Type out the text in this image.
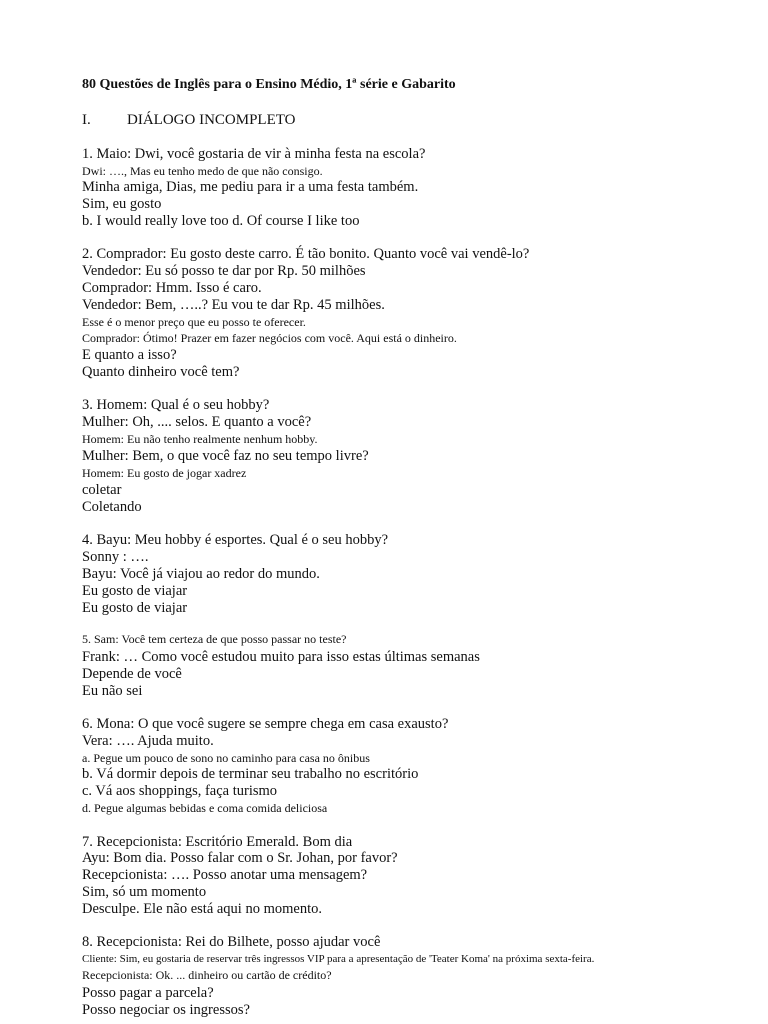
80 Questões de Inglês para o Ensino Médio, 1ª série e Gabarito
I. DIÁLOGO INCOMPLETO
1. Maio: Dwi, você gostaria de vir à minha festa na escola?
Dwi: …., Mas eu tenho medo de que não consigo.
Minha amiga, Dias, me pediu para ir a uma festa também.
Sim, eu gosto
b. I would really love too d. Of course I like too
2. Comprador: Eu gosto deste carro. É tão bonito. Quanto você vai vendê-lo?
Vendedor: Eu só posso te dar por Rp. 50 milhões
Comprador: Hmm. Isso é caro.
Vendedor: Bem, …..? Eu vou te dar Rp. 45 milhões.
Esse é o menor preço que eu posso te oferecer.
Comprador: Ótimo! Prazer em fazer negócios com você. Aqui está o dinheiro.
E quanto a isso?
Quanto dinheiro você tem?
3. Homem: Qual é o seu hobby?
Mulher: Oh, .... selos. E quanto a você?
Homem: Eu não tenho realmente nenhum hobby.
Mulher: Bem, o que você faz no seu tempo livre?
Homem: Eu gosto de jogar xadrez
coletar
Coletando
4. Bayu: Meu hobby é esportes. Qual é o seu hobby?
Sonny : ….
Bayu: Você já viajou ao redor do mundo.
Eu gosto de viajar
Eu gosto de viajar
5. Sam: Você tem certeza de que posso passar no teste?
Frank: … Como você estudou muito para isso estas últimas semanas
Depende de você
Eu não sei
6. Mona: O que você sugere se sempre chega em casa exausto?
Vera: …. Ajuda muito.
a. Pegue um pouco de sono no caminho para casa no ônibus
b. Vá dormir depois de terminar seu trabalho no escritório
c. Vá aos shoppings, faça turismo
d. Pegue algumas bebidas e coma comida deliciosa
7. Recepcionista: Escritório Emerald. Bom dia
Ayu: Bom dia. Posso falar com o Sr. Johan, por favor?
Recepcionista: …. Posso anotar uma mensagem?
Sim, só um momento
Desculpe. Ele não está aqui no momento.
8. Recepcionista: Rei do Bilhete, posso ajudar você
Cliente: Sim, eu gostaria de reservar três ingressos VIP para a apresentação de 'Teater Koma' na próxima sexta-feira.
Recepcionista: Ok. ... dinheiro ou cartão de crédito?
Posso pagar a parcela?
Posso negociar os ingressos?
